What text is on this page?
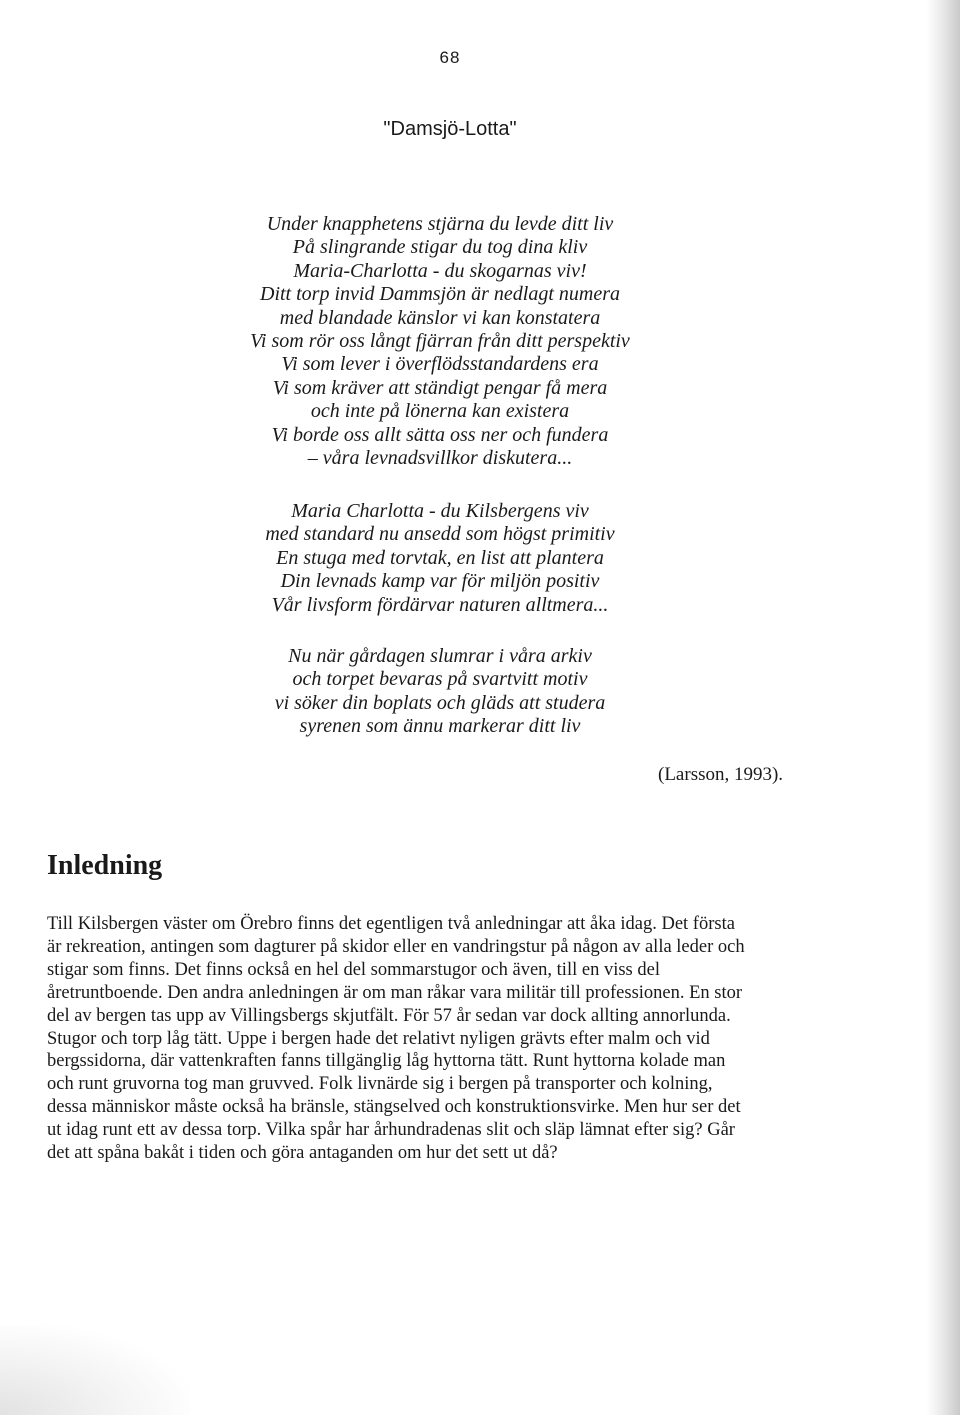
68
"Damsjö-Lotta"
Under knapphetens stjärna du levde ditt liv
På slingrande stigar du tog dina kliv
Maria-Charlotta - du skogarnas viv!
Ditt torp invid Dammsjön är nedlagt numera
med blandade känslor vi kan konstatera
Vi som rör oss långt fjärran från ditt perspektiv
Vi som lever i överflödsstandardens era
Vi som kräver att ständigt pengar få mera
och inte på lönerna kan existera
Vi borde oss allt sätta oss ner och fundera
– våra levnadsvillkor diskutera...
Maria Charlotta - du Kilsbergens viv
med standard nu ansedd som högst primitiv
En stuga med torvtak, en list att plantera
Din levnads kamp var för miljön positiv
Vår livsform fördärvar naturen alltmera...
Nu när gårdagen slumrar i våra arkiv
och torpet bevaras på svartvitt motiv
vi söker din boplats och gläds att studera
syrenen som ännu markerar ditt liv
(Larsson, 1993).
Inledning
Till Kilsbergen väster om Örebro finns det egentligen två anledningar att åka idag. Det första
är rekreation, antingen som dagturer på skidor eller en vandringstur på någon av alla leder och
stigar som finns. Det finns också en hel del sommarstugor och även, till en viss del
åretruntboende. Den andra anledningen är om man råkar vara militär till professionen. En stor
del av bergen tas upp av Villingsbergs skjutfält. För 57 år sedan var dock allting annorlunda.
Stugor och torp låg tätt. Uppe i bergen hade det relativt nyligen grävts efter malm och vid
bergssidorna, där vattenkraften fanns tillgänglig låg hyttorna tätt. Runt hyttorna kolade man
och runt gruvorna tog man gruvved. Folk livnärde sig i bergen på transporter och kolning,
dessa människor måste också ha bränsle, stängselved och konstruktionsvirke. Men hur ser det
ut idag runt ett av dessa torp. Vilka spår har århundradenas slit och släp lämnat efter sig? Går
det att spåna bakåt i tiden och göra antaganden om hur det sett ut då?
